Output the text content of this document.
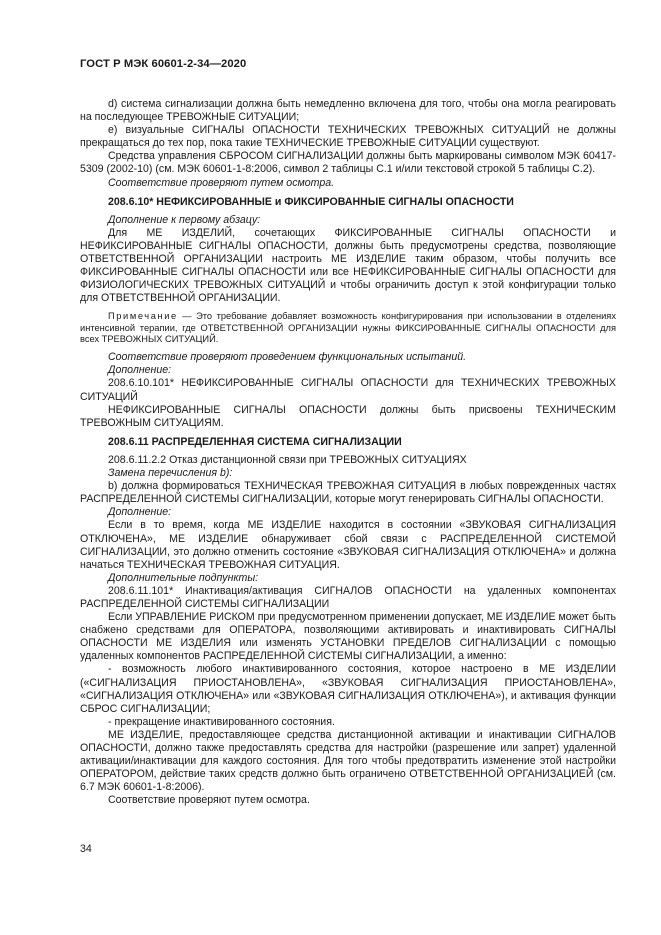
ГОСТ Р МЭК 60601-2-34—2020

d) система сигнализации должна быть немедленно включена для того, чтобы она могла реагировать на последующее ТРЕВОЖНЫЕ СИТУАЦИИ;

e) визуальные СИГНАЛЫ ОПАСНОСТИ ТЕХНИЧЕСКИХ ТРЕВОЖНЫХ СИТУАЦИЙ не должны прекращаться до тех пор, пока такие ТЕХНИЧЕСКИЕ ТРЕВОЖНЫЕ СИТУАЦИИ существуют.

Средства управления СБРОСОМ СИГНАЛИЗАЦИИ должны быть маркированы символом МЭК 60417-5309 (2002-10) (см. МЭК 60601-1-8:2006, символ 2 таблицы С.1 и/или текстовой строкой 5 таблицы С.2).

Соответствие проверяют путем осмотра.

208.6.10* НЕФИКСИРОВАННЫЕ и ФИКСИРОВАННЫЕ СИГНАЛЫ ОПАСНОСТИ

Дополнение к первому абзацу:

Для МЕ ИЗДЕЛИЙ, сочетающих ФИКСИРОВАННЫЕ СИГНАЛЫ ОПАСНОСТИ и НЕФИКСИРОВАННЫЕ СИГНАЛЫ ОПАСНОСТИ, должны быть предусмотрены средства, позволяющие ОТВЕТСТВЕННОЙ ОРГАНИЗАЦИИ настроить МЕ ИЗДЕЛИЕ таким образом, чтобы получить все ФИКСИРОВАННЫЕ СИГНАЛЫ ОПАСНОСТИ или все НЕФИКСИРОВАННЫЕ СИГНАЛЫ ОПАСНОСТИ для ФИЗИОЛОГИЧЕСКИХ ТРЕВОЖНЫХ СИТУАЦИЙ и чтобы ограничить доступ к этой конфигурации только для ОТВЕТСТВЕННОЙ ОРГАНИЗАЦИИ.

Примечание — Это требование добавляет возможность конфигурирования при использовании в отделениях интенсивной терапии, где ОТВЕТСТВЕННОЙ ОРГАНИЗАЦИИ нужны ФИКСИРОВАННЫЕ СИГНАЛЫ ОПАСНОСТИ для всех ТРЕВОЖНЫХ СИТУАЦИЙ.

Соответствие проверяют проведением функциональных испытаний.

Дополнение:

208.6.10.101* НЕФИКСИРОВАННЫЕ СИГНАЛЫ ОПАСНОСТИ для ТЕХНИЧЕСКИХ ТРЕВОЖНЫХ СИТУАЦИЙ

НЕФИКСИРОВАННЫЕ СИГНАЛЫ ОПАСНОСТИ должны быть присвоены ТЕХНИЧЕСКИМ ТРЕВОЖНЫМ СИТУАЦИЯМ.

208.6.11 РАСПРЕДЕЛЕННАЯ СИСТЕМА СИГНАЛИЗАЦИИ

208.6.11.2.2 Отказ дистанционной связи при ТРЕВОЖНЫХ СИТУАЦИЯХ

Замена перечисления b):

b) должна формироваться ТЕХНИЧЕСКАЯ ТРЕВОЖНАЯ СИТУАЦИЯ в любых поврежденных частях РАСПРЕДЕЛЕННОЙ СИСТЕМЫ СИГНАЛИЗАЦИИ, которые могут генерировать СИГНАЛЫ ОПАСНОСТИ.

Дополнение:

Если в то время, когда МЕ ИЗДЕЛИЕ находится в состоянии «ЗВУКОВАЯ СИГНАЛИЗАЦИЯ ОТКЛЮЧЕНА», МЕ ИЗДЕЛИЕ обнаруживает сбой связи с РАСПРЕДЕЛЕННОЙ СИСТЕМОЙ СИГНАЛИЗАЦИИ, это должно отменить состояние «ЗВУКОВАЯ СИГНАЛИЗАЦИЯ ОТКЛЮЧЕНА» и должна начаться ТЕХНИЧЕСКАЯ ТРЕВОЖНАЯ СИТУАЦИЯ.

Дополнительные подпункты:

208.6.11.101* Инактивация/активация СИГНАЛОВ ОПАСНОСТИ на удаленных компонентах РАСПРЕДЕЛЕННОЙ СИСТЕМЫ СИГНАЛИЗАЦИИ

Если УПРАВЛЕНИЕ РИСКОМ при предусмотренном применении допускает, МЕ ИЗДЕЛИЕ может быть снабжено средствами для ОПЕРАТОРА, позволяющими активировать и инактивировать СИГНАЛЫ ОПАСНОСТИ МЕ ИЗДЕЛИЯ или изменять УСТАНОВКИ ПРЕДЕЛОВ СИГНАЛИЗАЦИИ с помощью удаленных компонентов РАСПРЕДЕЛЕННОЙ СИСТЕМЫ СИГНАЛИЗАЦИИ, а именно:

- возможность любого инактивированного состояния, которое настроено в МЕ ИЗДЕЛИИ («СИГНАЛИЗАЦИЯ ПРИОСТАНОВЛЕНА», «ЗВУКОВАЯ СИГНАЛИЗАЦИЯ ПРИОСТАНОВЛЕНА», «СИГНАЛИЗАЦИЯ ОТКЛЮЧЕНА» или «ЗВУКОВАЯ СИГНАЛИЗАЦИЯ ОТКЛЮЧЕНА»), и активация функции СБРОС СИГНАЛИЗАЦИИ;

- прекращение инактивированного состояния.

МЕ ИЗДЕЛИЕ, предоставляющее средства дистанционной активации и инактивации СИГНАЛОВ ОПАСНОСТИ, должно также предоставлять средства для настройки (разрешение или запрет) удаленной активации/инактивации для каждого состояния. Для того чтобы предотвратить изменение этой настройки ОПЕРАТОРОМ, действие таких средств должно быть ограничено ОТВЕТСТВЕННОЙ ОРГАНИЗАЦИЕЙ (см. 6.7 МЭК 60601-1-8:2006).

Соответствие проверяют путем осмотра.

34
